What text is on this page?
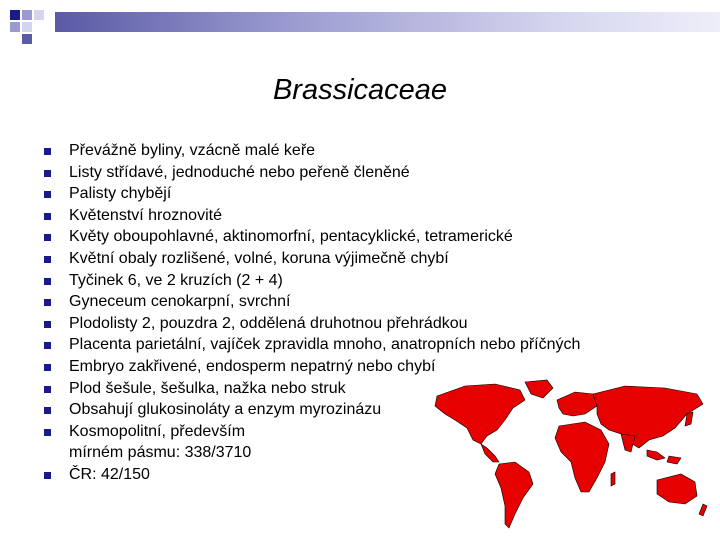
Brassicaceae
Převážně byliny, vzácně malé keře
Listy střídavé, jednoduché nebo peřeně členěné
Palisty chybějí
Květenství hroznovité
Květy oboupohlavné, aktinomorfní, pentacyklické, tetramerické
Květní obaly rozlišené, volné, koruna výjimečně chybí
Tyčinek 6, ve 2 kruzích (2 + 4)
Gyneceum cenokarpní, svrchní
Plodolisty 2, pouzdra 2, oddělená druhotnou přehrádkou
Placenta parietální, vajíček zpravidla mnoho, anatropních nebo příčných
Embryo zakřivené, endosperm nepatrný nebo chybí
Plod šešule, šešulka, nažka nebo struk
Obsahují glukosinoláty a enzym myrozinázu
Kosmopolitní, především mírném pásmu: 338/3710
ČR: 42/150
